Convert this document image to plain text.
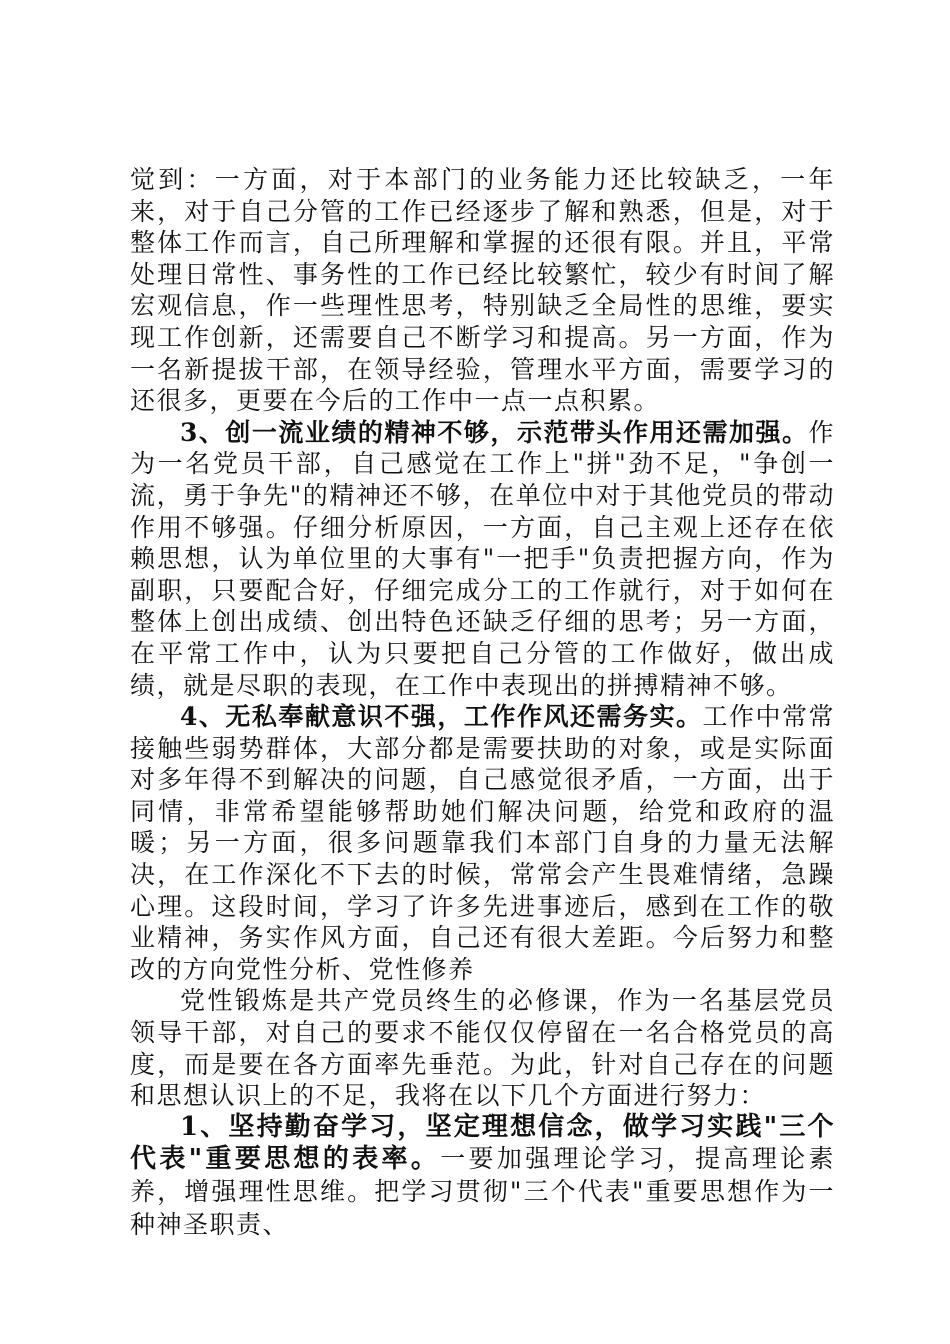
觉到：一方面，对于本部门的业务能力还比较缺乏，一年来，对于自己分管的工作已经逐步了解和熟悉，但是，对于整体工作而言，自己所理解和掌握的还很有限。并且，平常处理日常性、事务性的工作已经比较繁忙，较少有时间了解宏观信息，作一些理性思考，特别缺乏全局性的思维，要实现工作创新，还需要自己不断学习和提高。另一方面，作为一名新提拔干部，在领导经验，管理水平方面，需要学习的还很多，更要在今后的工作中一点一点积累。

3、创一流业绩的精神不够，示范带头作用还需加强。作为一名党员干部，自己感觉在工作上"拼"劲不足，"争创一流，勇于争先"的精神还不够，在单位中对于其他党员的带动作用不够强。仔细分析原因，一方面，自己主观上还存在依赖思想，认为单位里的大事有"一把手"负责把握方向，作为副职，只要配合好，仔细完成分工的工作就行，对于如何在整体上创出成绩、创出特色还缺乏仔细的思考；另一方面，在平常工作中，认为只要把自己分管的工作做好，做出成绩，就是尽职的表现，在工作中表现出的拼搏精神不够。

4、无私奉献意识不强，工作作风还需务实。工作中常常接触些弱势群体，大部分都是需要扶助的对象，或是实际面对多年得不到解决的问题，自己感觉很矛盾，一方面，出于同情，非常希望能够帮助她们解决问题，给党和政府的温暖；另一方面，很多问题靠我们本部门自身的力量无法解决，在工作深化不下去的时候，常常会产生畏难情绪，急躁心理。这段时间，学习了许多先进事迹后，感到在工作的敬业精神，务实作风方面，自己还有很大差距。今后努力和整改的方向党性分析、党性修养

党性锻炼是共产党员终生的必修课，作为一名基层党员领导干部，对自己的要求不能仅仅停留在一名合格党员的高度，而是要在各方面率先垂范。为此，针对自己存在的问题和思想认识上的不足，我将在以下几个方面进行努力：

1、坚持勤奋学习，坚定理想信念，做学习实践"三个代表"重要思想的表率。一要加强理论学习，提高理论素养，增强理性思维。把学习贯彻"三个代表"重要思想作为一种神圣职责、
